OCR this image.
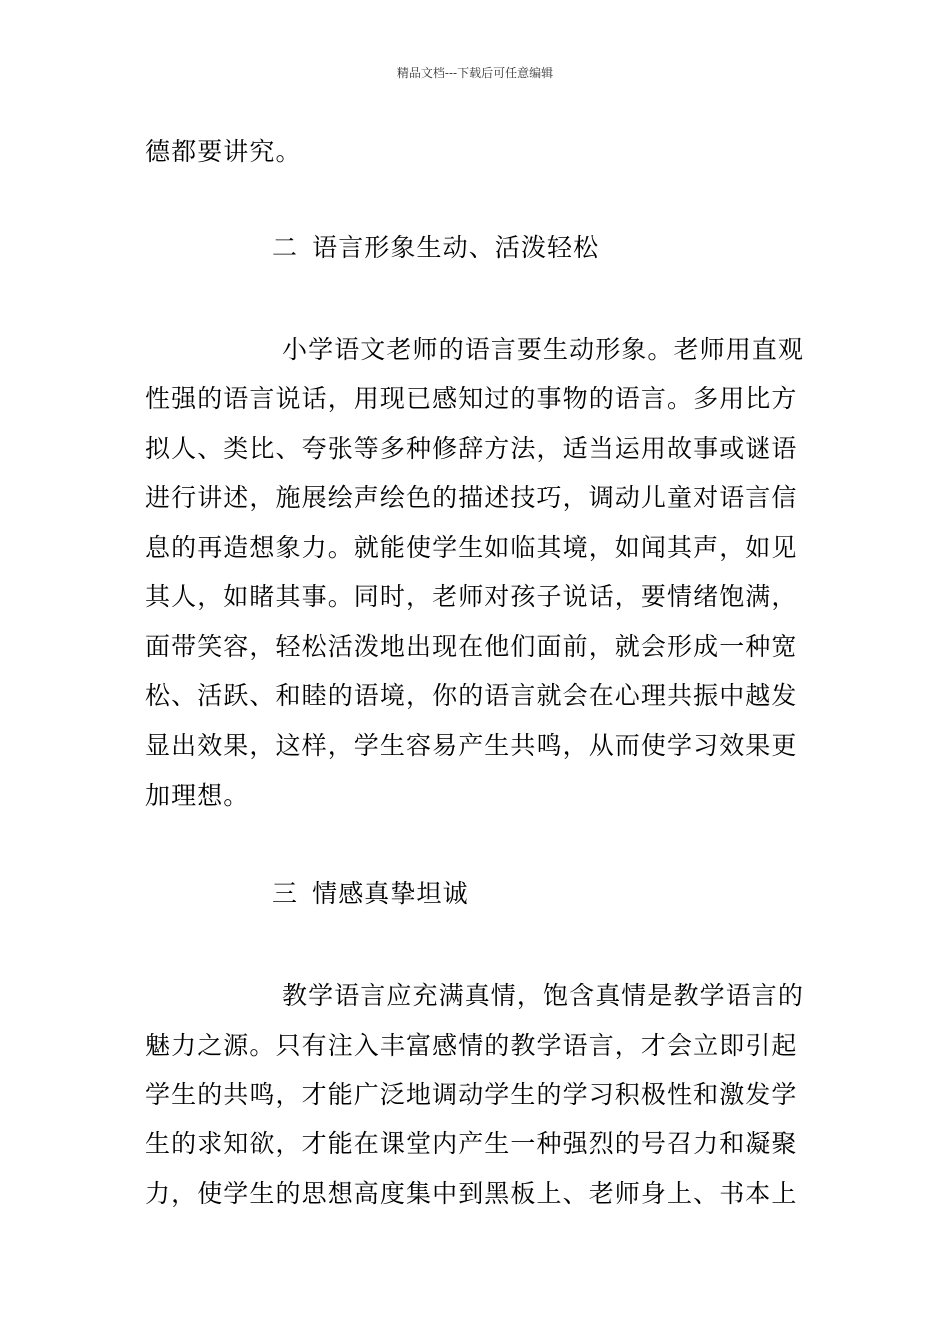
精品文档---下载后可任意编辑
德都要讲究。
二 语言形象生动、活泼轻松
小学语文老师的语言要生动形象。老师用直观
性强的语言说话，用现已感知过的事物的语言。多用比方
拟人、类比、夸张等多种修辞方法，适当运用故事或谜语
进行讲述，施展绘声绘色的描述技巧，调动儿童对语言信
息的再造想象力。就能使学生如临其境，如闻其声，如见
其人，如睹其事。同时，老师对孩子说话，要情绪饱满，
面带笑容，轻松活泼地出现在他们面前，就会形成一种宽
松、活跃、和睦的语境，你的语言就会在心理共振中越发
显出效果，这样，学生容易产生共鸣，从而使学习效果更
加理想。
三 情感真挚坦诚
教学语言应充满真情，饱含真情是教学语言的
魅力之源。只有注入丰富感情的教学语言，才会立即引起
学生的共鸣，才能广泛地调动学生的学习积极性和激发学
生的求知欲，才能在课堂内产生一种强烈的号召力和凝聚
力，使学生的思想高度集中到黑板上、老师身上、书本上
